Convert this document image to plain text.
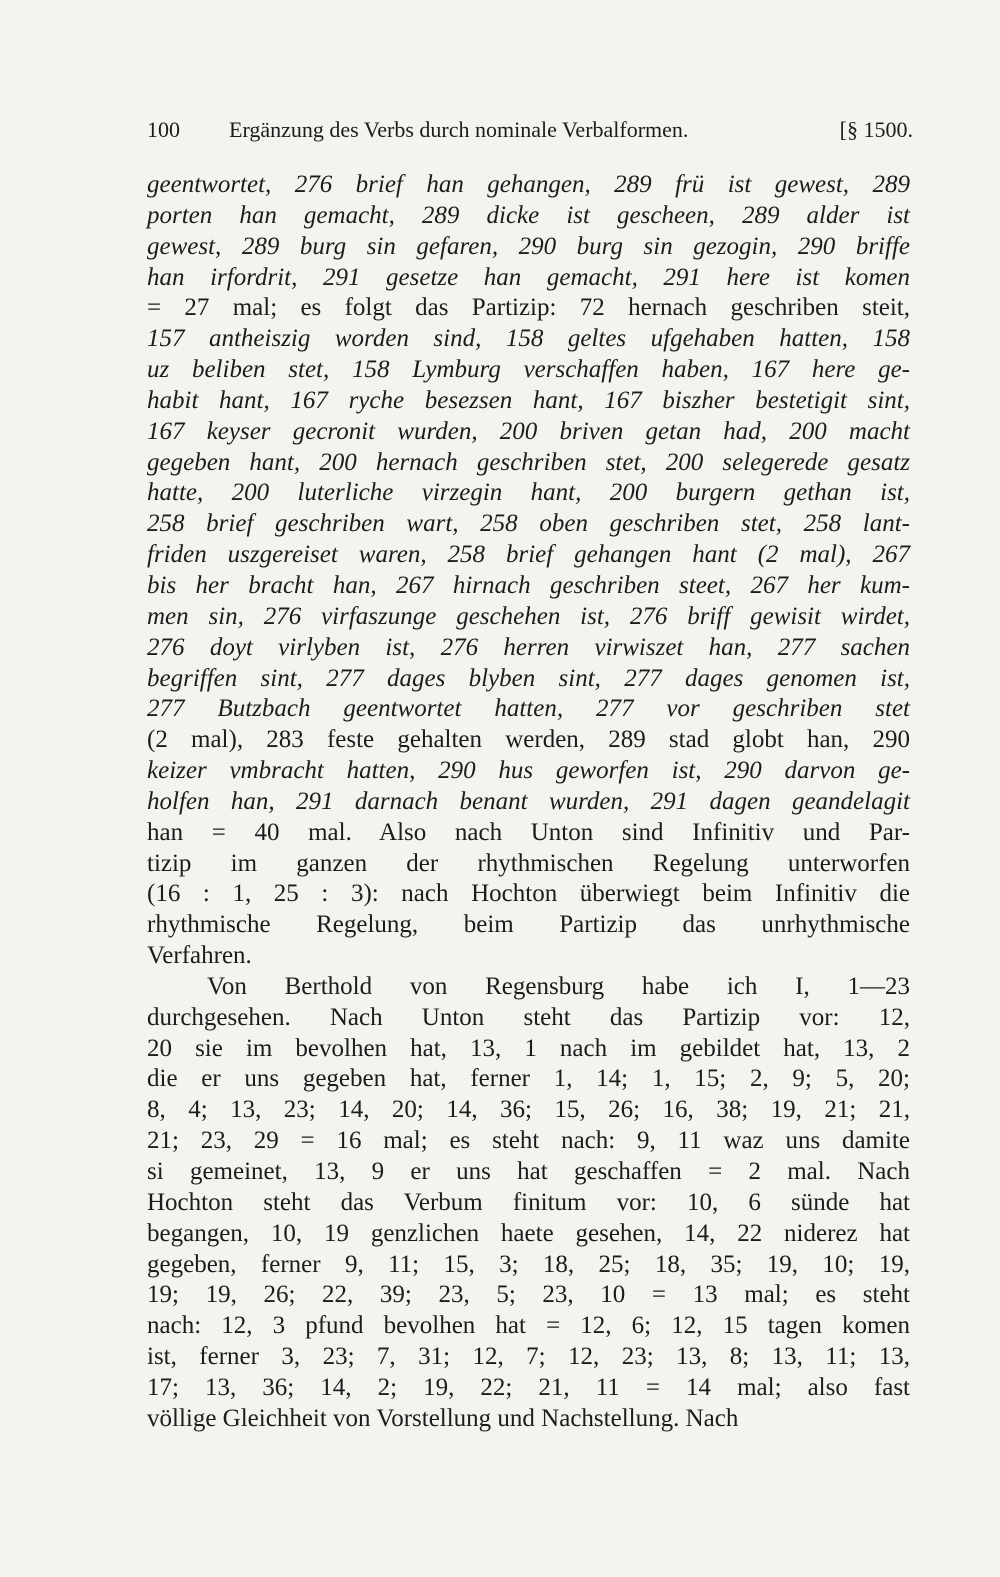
100 Ergänzung des Verbs durch nominale Verbalformen.	[§ 1500.
geentwortet, 276 brief han gehangen, 289 frü ist gewest, 289
porten han gemacht, 289 dicke ist gescheen, 289 alder ist
gewest, 289 burg sin gefaren, 290 burg sin gezogin, 290 briffe
han irfordrit, 291 gesetze han gemacht, 291 here ist komen
= 27 mal; es folgt das Partizip: 72 hernach geschriben steit,
157 antheiszig worden sind, 158 geltes ufgehaben hatten, 158
uz beliben stet, 158 Lymburg verschaffen haben, 167 here ge-
habit hant, 167 ryche besezsen hant, 167 biszher bestetigit sint,
167 keyser gecronit wurden, 200 briven getan had, 200 macht
gegeben hant, 200 hernach geschriben stet, 200 selegerede gesatz
hatte, 200 luterliche virzegin hant, 200 burgern gethan ist,
258 brief geschriben wart, 258 oben geschriben stet, 258 lant-
friden uszgereiset waren, 258 brief gehangen hant (2 mal), 267
bis her bracht han, 267 hirnach geschriben steet, 267 her kum-
men sin, 276 virfaszunge geschehen ist, 276 briff gewisit wirdet,
276 doyt virlyben ist, 276 herren virwiszet han, 277 sachen
begriffen sint, 277 dages blyben sint, 277 dages genomen ist,
277 Butzbach geentwortet hatten, 277 vor geschriben stet
(2 mal), 283 feste gehalten werden, 289 stad globt han, 290
keizer vmbracht hatten, 290 hus geworfen ist, 290 darvon ge-
holfen han, 291 darnach benant wurden, 291 dagen geandelagit
han = 40 mal. Also nach Unton sind Infinitiv und Par-
tizip im ganzen der rhythmischen Regelung unterworfen
(16 : 1, 25 : 3): nach Hochton überwiegt beim Infinitiv die
rhythmische Regelung, beim Partizip das unrhythmische
Verfahren.
Von Berthold von Regensburg habe ich I, 1—23
durchgesehen. Nach Unton steht das Partizip vor: 12,
20 sie im bevolhen hat, 13, 1 nach im gebildet hat, 13, 2
die er uns gegeben hat, ferner 1, 14; 1, 15; 2, 9; 5, 20;
8, 4; 13, 23; 14, 20; 14, 36; 15, 26; 16, 38; 19, 21; 21,
21; 23, 29 = 16 mal; es steht nach: 9, 11 waz uns damite
si gemeinet, 13, 9 er uns hat geschaffen = 2 mal. Nach
Hochton steht das Verbum finitum vor: 10, 6 sünde hat
begangen, 10, 19 genzlichen haete gesehen, 14, 22 niderez hat
gegeben, ferner 9, 11; 15, 3; 18, 25; 18, 35; 19, 10; 19,
19; 19, 26; 22, 39; 23, 5; 23, 10 = 13 mal; es steht
nach: 12, 3 pfund bevolhen hat = 12, 6; 12, 15 tagen komen
ist, ferner 3, 23; 7, 31; 12, 7; 12, 23; 13, 8; 13, 11; 13,
17; 13, 36; 14, 2; 19, 22; 21, 11 = 14 mal; also fast
völlige Gleichheit von Vorstellung und Nachstellung. Nach
